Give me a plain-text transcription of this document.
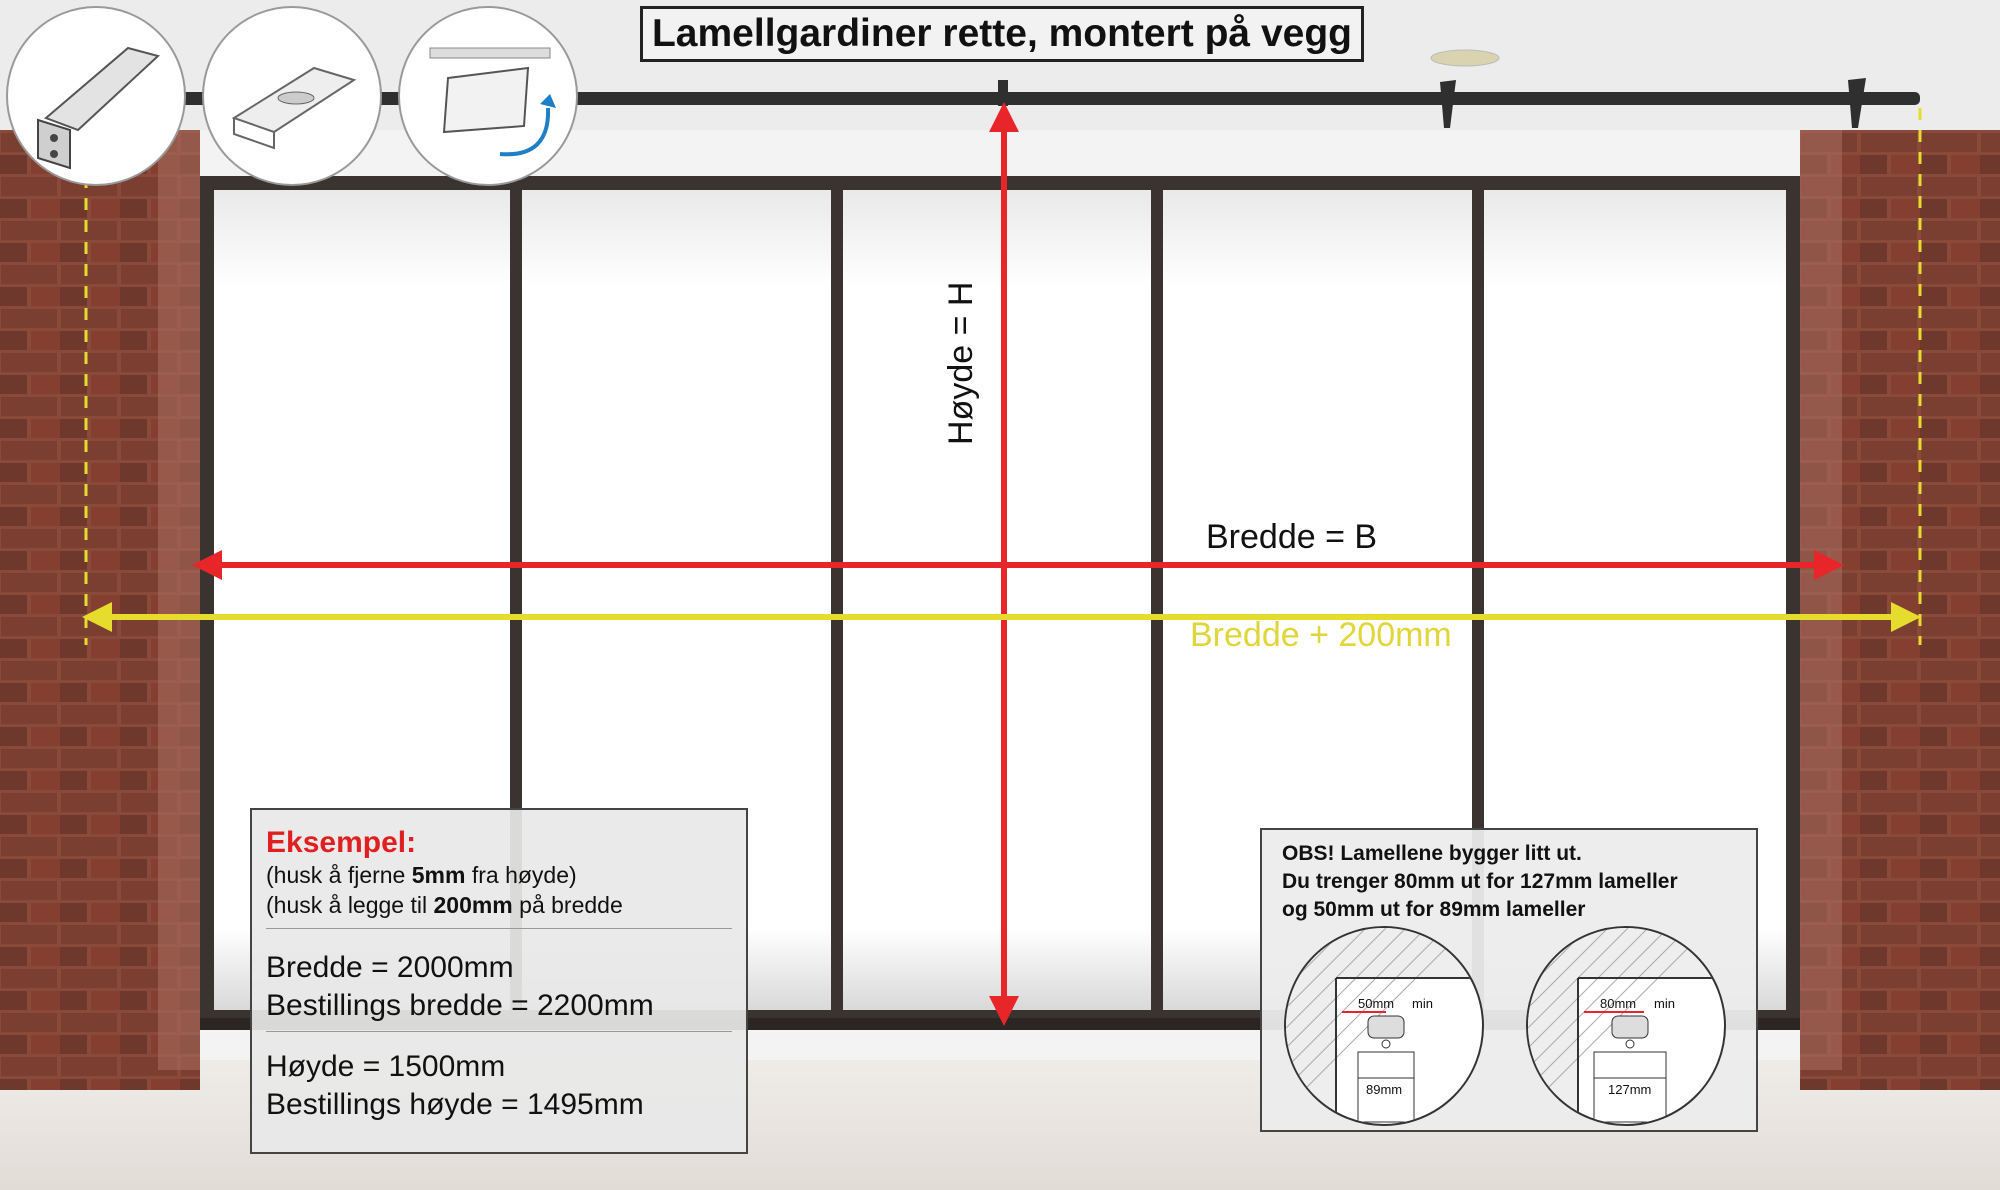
Lamellgardiner rette, montert på vegg
Høyde = H
Bredde = B
Bredde + 200mm
Eksempel:
(husk å fjerne 5mm fra høyde)
(husk å legge til 200mm på bredde
Bredde = 2000mm
Bestillings bredde = 2200mm
Høyde = 1500mm
Bestillings høyde = 1495mm
OBS! Lamellene bygger litt ut.
Du trenger 80mm ut for 127mm lameller
og 50mm ut for 89mm lameller
50mm min
89mm
80mm min
127mm
